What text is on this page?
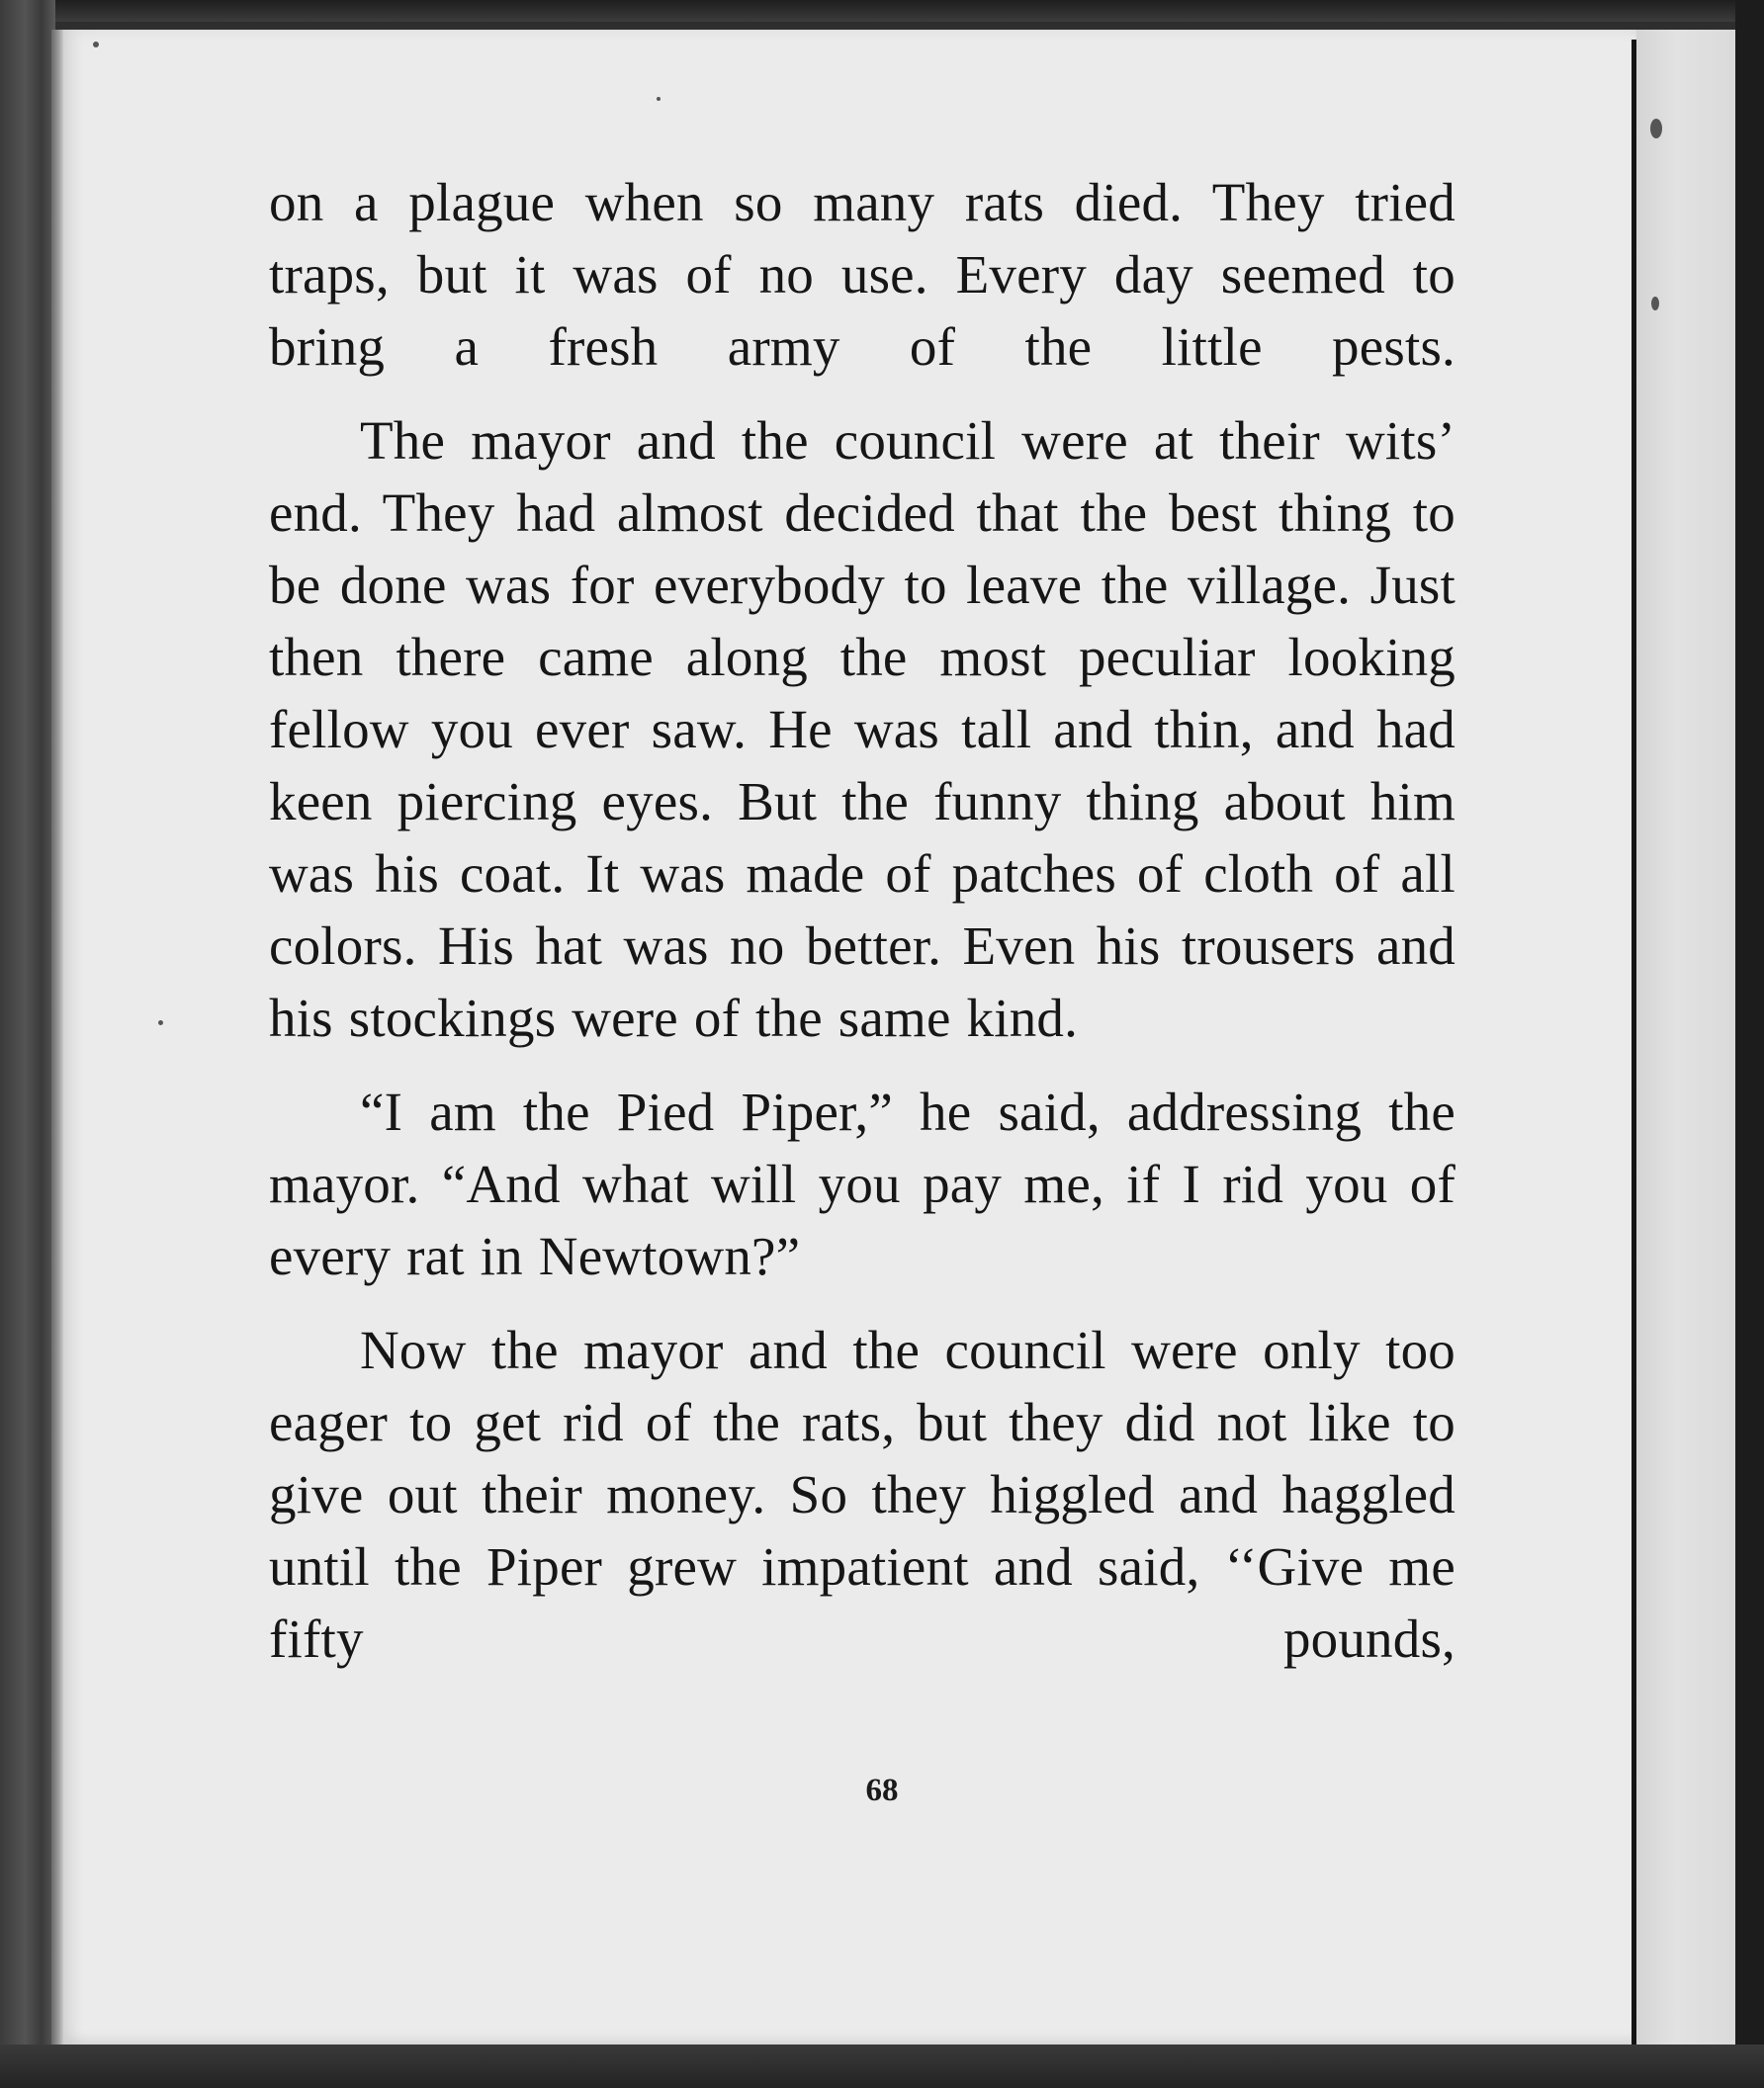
on a plague when so many rats died. They tried traps, but it was of no use. Every day seemed to bring a fresh army of the little pests.

The mayor and the council were at their wits’ end. They had almost decided that the best thing to be done was for everybody to leave the village. Just then there came along the most peculiar looking fellow you ever saw. He was tall and thin, and had keen piercing eyes. But the funny thing about him was his coat. It was made of patches of cloth of all colors. His hat was no better. Even his trousers and his stockings were of the same kind.

“I am the Pied Piper,” he said, addressing the mayor. “And what will you pay me, if I rid you of every rat in Newtown?”

Now the mayor and the council were only too eager to get rid of the rats, but they did not like to give out their money. So they higgled and haggled until the Piper grew impatient and said, ‘‘Give me fifty pounds,

68
